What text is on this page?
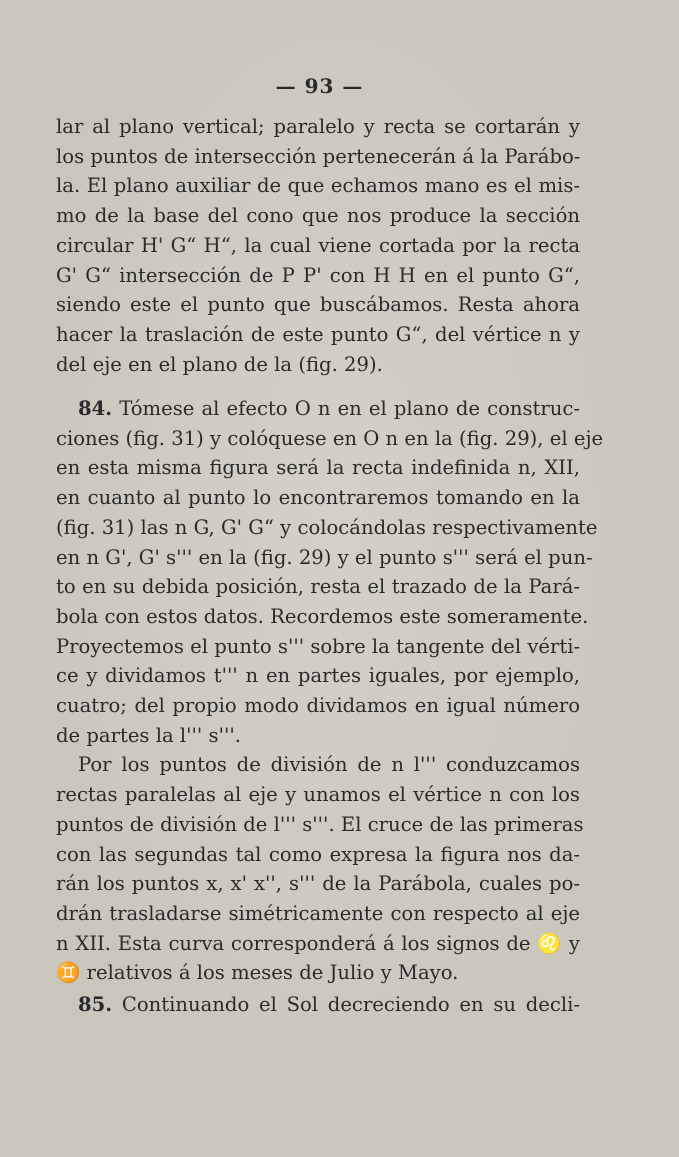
— 93 —
lar al plano vertical; paralelo y recta se cortarán y
los puntos de intersección pertenecerán á la Parábo-
la. El plano auxiliar de que echamos mano es el mis-
mo de la base del cono que nos produce la sección
circular H' G“ H“, la cual viene cortada por la recta
G' G“ intersección de P P' con H H en el punto G“,
siendo este el punto que buscábamos. Resta ahora
hacer la traslación de este punto G“, del vértice n y
del eje en el plano de la (fig. 29).
84. Tómese al efecto O n en el plano de construc-
ciones (fig. 31) y colóquese en O n en la (fig. 29), el eje
en esta misma figura será la recta indefinida n, XII,
en cuanto al punto lo encontraremos tomando en la
(fig. 31) las n G, G' G“ y colocándolas respectivamente
en n G', G' s''' en la (fig. 29) y el punto s''' será el pun-
to en su debida posición, resta el trazado de la Pará-
bola con estos datos. Recordemos este someramente.
Proyectemos el punto s''' sobre la tangente del vérti-
ce y dividamos t''' n en partes iguales, por ejemplo,
cuatro; del propio modo dividamos en igual número
de partes la l''' s'''.
Por los puntos de división de n l''' conduzcamos
rectas paralelas al eje y unamos el vértice n con los
puntos de división de l''' s'''. El cruce de las primeras
con las segundas tal como expresa la figura nos da-
rán los puntos x, x' x'', s''' de la Parábola, cuales po-
drán trasladarse simétricamente con respecto al eje
n XII. Esta curva corresponderá á los signos de ♌ y
♊ relativos á los meses de Julio y Mayo.
85. Continuando el Sol decreciendo en su decli-
